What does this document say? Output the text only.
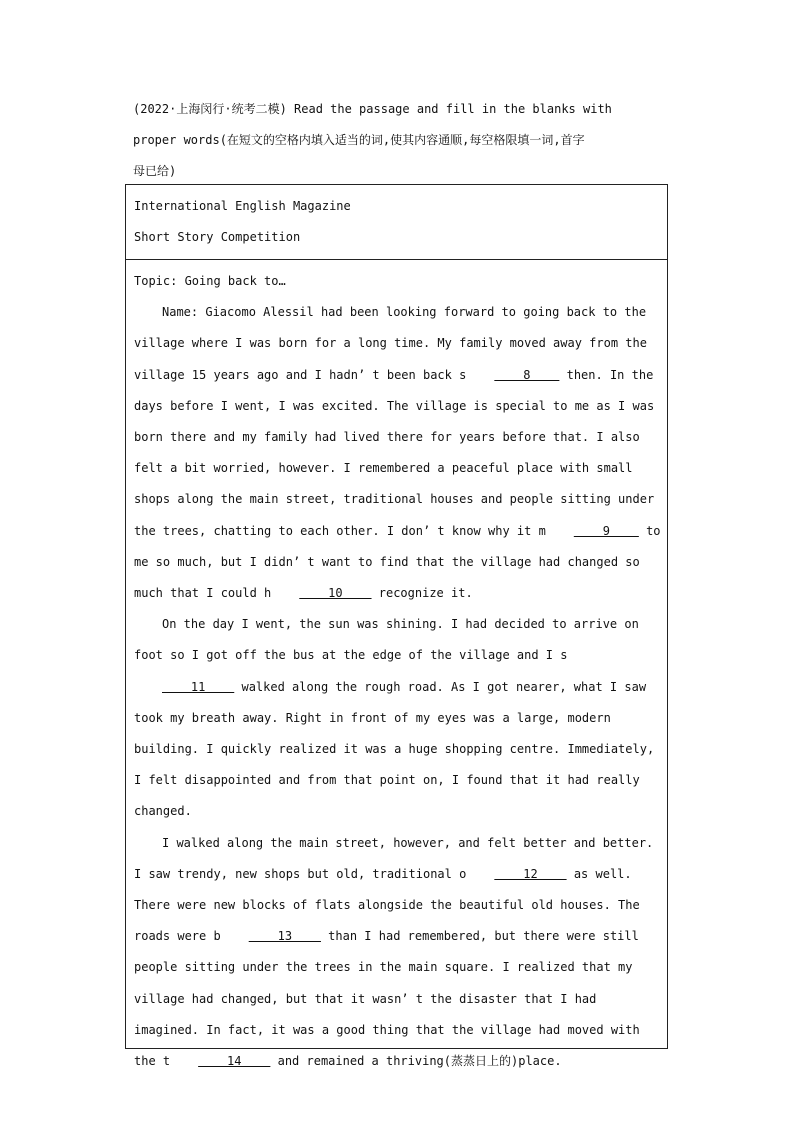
(2022·上海闵行·统考二模) Read the passage and fill in the blanks with
proper words(在短文的空格内填入适当的词,使其内容通顺,每空格限填一词,首字
母已给)
International English Magazine
Short Story Competition

Topic: Going back to…

Name: Giacomo Alessil had been looking forward to going back to the village where I was born for a long time. My family moved away from the village 15 years ago and I hadn’ t been back s    8     then. In the days before I went, I was excited. The village is special to me as I was born there and my family had lived there for years before that. I also felt a bit worried, however. I remembered a peaceful place with small shops along the main street, traditional houses and people sitting under the trees, chatting to each other. I don’ t know why it m    9     to me so much, but I didn’ t want to find that the village had changed so much that I could h    10     recognize it.

On the day I went, the sun was shining. I had decided to arrive on foot so I got off the bus at the edge of the village and I s    11     walked along the rough road. As I got nearer, what I saw took my breath away. Right in front of my eyes was a large, modern building. I quickly realized it was a huge shopping centre. Immediately, I felt disappointed and from that point on, I found that it had really changed.

I walked along the main street, however, and felt better and better. I saw trendy, new shops but old, traditional o    12     as well. There were new blocks of flats alongside the beautiful old houses. The roads were b    13     than I had remembered, but there were still people sitting under the trees in the main square. I realized that my village had changed, but that it wasn’ t the disaster that I had imagined. In fact, it was a good thing that the village had moved with the t    14     and remained a thriving(蒸蒸日上的)place.
